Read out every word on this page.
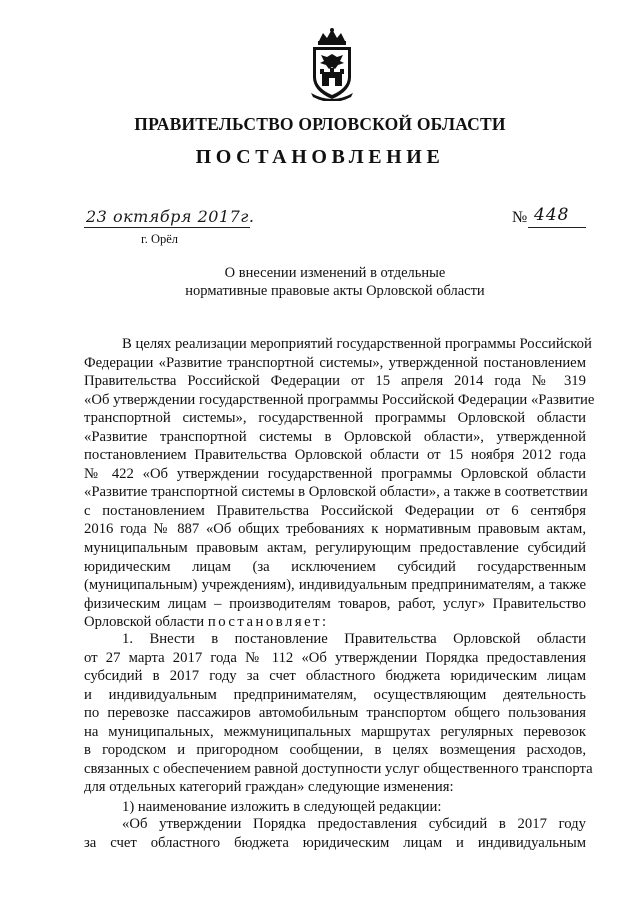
ПРАВИТЕЛЬСТВО ОРЛОВСКОЙ ОБЛАСТИ
ПОСТАНОВЛЕНИЕ
23 октября 2017г.
г. Орёл
№ 448
О внесении изменений в отдельные
нормативные правовые акты Орловской области
В целях реализации мероприятий государственной программы Российской
Федерации «Развитие транспортной системы», утвержденной постановлением
Правительства Российской Федерации от 15 апреля 2014 года № 319
«Об утверждении государственной программы Российской Федерации «Развитие
транспортной системы», государственной программы Орловской области
«Развитие транспортной системы в Орловской области», утвержденной
постановлением Правительства Орловской области от 15 ноября 2012 года
№ 422 «Об утверждении государственной программы Орловской области
«Развитие транспортной системы в Орловской области», а также в соответствии
с постановлением Правительства Российской Федерации от 6 сентября
2016 года № 887 «Об общих требованиях к нормативным правовым актам,
муниципальным правовым актам, регулирующим предоставление субсидий
юридическим лицам (за исключением субсидий государственным
(муниципальным) учреждениям), индивидуальным предпринимателям, а также
физическим лицам – производителям товаров, работ, услуг» Правительство
Орловской области постановляет:
1. Внести в постановление Правительства Орловской области
от 27 марта 2017 года № 112 «Об утверждении Порядка предоставления
субсидий в 2017 году за счет областного бюджета юридическим лицам
и индивидуальным предпринимателям, осуществляющим деятельность
по перевозке пассажиров автомобильным транспортом общего пользования
на муниципальных, межмуниципальных маршрутах регулярных перевозок
в городском и пригородном сообщении, в целях возмещения расходов,
связанных с обеспечением равной доступности услуг общественного транспорта
для отдельных категорий граждан» следующие изменения:
1) наименование изложить в следующей редакции:
«Об утверждении Порядка предоставления субсидий в 2017 году
за счет областного бюджета юридическим лицам и индивидуальным
